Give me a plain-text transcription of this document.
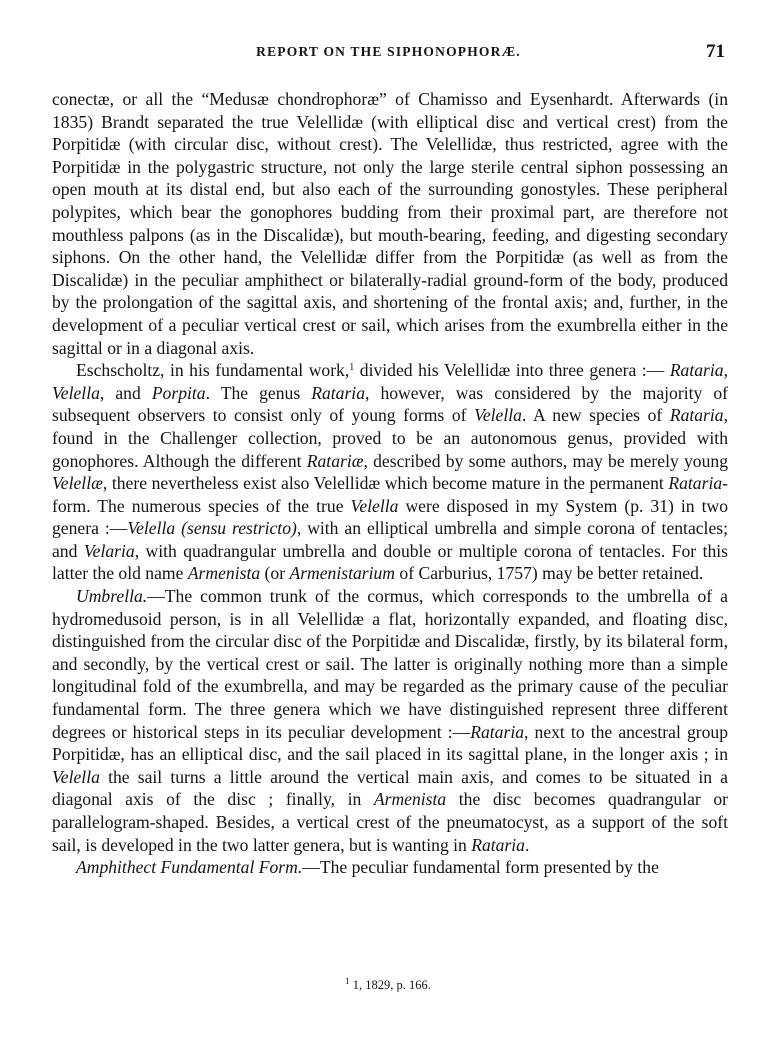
REPORT ON THE SIPHONOPHORÆ.	71

conectæ, or all the “Medusæ chondrophoræ” of Chamisso and Eysenhardt. Afterwards (in 1835) Brandt separated the true Velellidæ (with elliptical disc and vertical crest) from the Porpitidæ (with circular disc, without crest). The Velellidæ, thus restricted, agree with the Porpitidæ in the polygastric structure, not only the large sterile central siphon possessing an open mouth at its distal end, but also each of the surrounding gonostyles. These peripheral polypites, which bear the gonophores budding from their proximal part, are therefore not mouthless palpons (as in the Discalidæ), but mouth-bearing, feeding, and digesting secondary siphons. On the other hand, the Velellidæ differ from the Porpitidæ (as well as from the Discalidæ) in the peculiar amphithect or bilaterally-radial ground-form of the body, produced by the prolongation of the sagittal axis, and shortening of the frontal axis; and, further, in the development of a peculiar vertical crest or sail, which arises from the exumbrella either in the sagittal or in a diagonal axis.

Eschscholtz, in his fundamental work,$^1$ divided his Velellidæ into three genera :— Rataria, Velella, and Porpita. The genus Rataria, however, was considered by the majority of subsequent observers to consist only of young forms of Velella. A new species of Rataria, found in the Challenger collection, proved to be an autonomous genus, provided with gonophores. Although the different Ratariæ, described by some authors, may be merely young Velellæ, there nevertheless exist also Velellidæ which become mature in the permanent Rataria-form. The numerous species of the true Velella were disposed in my System (p. 31) in two genera :—Velella (sensu restricto), with an elliptical umbrella and simple corona of tentacles; and Velaria, with quadrangular umbrella and double or multiple corona of tentacles. For this latter the old name Armenista (or Armenistarium of Carburius, 1757) may be better retained.

Umbrella.—The common trunk of the cormus, which corresponds to the umbrella of a hydromedusoid person, is in all Velellidæ a flat, horizontally expanded, and floating disc, distinguished from the circular disc of the Porpitidæ and Discalidæ, firstly, by its bilateral form, and secondly, by the vertical crest or sail. The latter is originally nothing more than a simple longitudinal fold of the exumbrella, and may be regarded as the primary cause of the peculiar fundamental form. The three genera which we have distinguished represent three different degrees or historical steps in its peculiar development :—Rataria, next to the ancestral group Porpitidæ, has an elliptical disc, and the sail placed in its sagittal plane, in the longer axis ; in Velella the sail turns a little around the vertical main axis, and comes to be situated in a diagonal axis of the disc ; finally, in Armenista the disc becomes quadrangular or parallelogram-shaped. Besides, a vertical crest of the pneumatocyst, as a support of the soft sail, is developed in the two latter genera, but is wanting in Rataria.

Amphithect Fundamental Form.—The peculiar fundamental form presented by the

$^1$ 1, 1829, p. 166.
